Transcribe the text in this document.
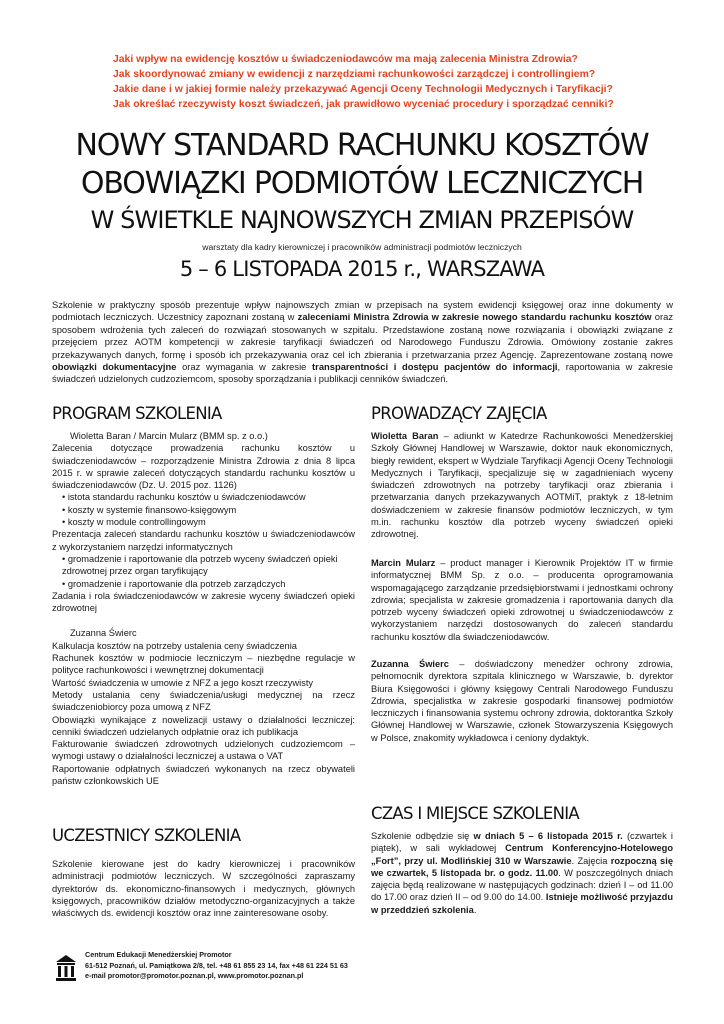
Jaki wpływ na ewidencję kosztów u świadczeniodawców ma mają zalecenia Ministra Zdrowia?
Jak skoordynować zmiany w ewidencji z narzędziami rachunkowości zarządczej i controllingiem?
Jakie dane i w jakiej formie należy przekazywać Agencji Oceny Technologii Medycznych i Taryfikacji?
Jak określać rzeczywisty koszt świadczeń, jak prawidłowo wyceniać procedury i sporządzać cenniki?
NOWY STANDARD RACHUNKU KOSZTÓW
OBOWIĄZKI PODMIOTÓW LECZNICZYCH
W ŚWIETKLE NAJNOWSZYCH ZMIAN PRZEPISÓW
warsztaty dla kadry kierowniczej i pracowników administracji podmiotów leczniczych
5 – 6 LISTOPADA 2015 r., WARSZAWA
Szkolenie w praktyczny sposób prezentuje wpływ najnowszych zmian w przepisach na system ewidencji księgowej oraz inne dokumenty w podmiotach leczniczych. Uczestnicy zapoznani zostaną w zaleceniami Ministra Zdrowia w zakresie nowego standardu rachunku kosztów oraz sposobem wdrożenia tych zaleceń do rozwiązań stosowanych w szpitalu. Przedstawione zostaną nowe rozwiązania i obowiązki związane z przejęciem przez AOTM kompetencji w zakresie taryfikacji świadczeń od Narodowego Funduszu Zdrowia. Omówiony zostanie zakres przekazywanych danych, formę i sposób ich przekazywania oraz cel ich zbierania i przetwarzania przez Agencję. Zaprezentowane zostaną nowe obowiązki dokumentacyjne oraz wymagania w zakresie transparentności i dostępu pacjentów do informacji, raportowania w zakresie świadczeń udzielonych cudzoziemcom, sposoby sporządzania i publikacji cenników świadczeń.
PROGRAM SZKOLENIA
Wioletta Baran / Marcin Mularz (BMM sp. z o.o.)
Zalecenia dotyczące prowadzenia rachunku kosztów u świadczeniodawców – rozporządzenie Ministra Zdrowia z dnia 8 lipca 2015 r. w sprawie zaleceń dotyczących standardu rachunku kosztów u świadczeniodawców (Dz. U. 2015 poz. 1126)
• istota standardu rachunku kosztów u świadczeniodawców
• koszty w systemie finansowo-księgowym
• koszty w module controllingowym
Prezentacja zaleceń standardu rachunku kosztów u świadczeniodawców z wykorzystaniem narzędzi informatycznych
• gromadzenie i raportowanie dla potrzeb wyceny świadczeń opieki zdrowotnej przez organ taryfikujący
• gromadzenie i raportowanie dla potrzeb zarządczych
Zadania i rola świadczeniodawców w zakresie wyceny świadczeń opieki zdrowotnej
Zuzanna Świerc
Kalkulacja kosztów na potrzeby ustalenia ceny świadczenia
Rachunek kosztów w podmiocie leczniczym – niezbędne regulacje w polityce rachunkowości i wewnętrznej dokumentacji
Wartość świadczenia w umowie z NFZ a jego koszt rzeczywisty
Metody ustalania ceny świadczenia/usługi medycznej na rzecz świadczeniobiorcy poza umową z NFZ
Obowiązki wynikające z nowelizacji ustawy o działalności leczniczej: cenniki świadczeń udzielanych odpłatnie oraz ich publikacja
Fakturowanie świadczeń zdrowotnych udzielonych cudzoziemcom – wymogi ustawy o działalności leczniczej a ustawa o VAT
Raportowanie odpłatnych świadczeń wykonanych na rzecz obywateli państw członkowskich UE
UCZESTNICY SZKOLENIA
Szkolenie kierowane jest do kadry kierowniczej i pracowników administracji podmiotów leczniczych. W szczególności zapraszamy dyrektorów ds. ekonomiczno-finansowych i medycznych, głównych księgowych, pracowników działów metodyczno-organizacyjnych a także właściwych ds. ewidencji kosztów oraz inne zainteresowane osoby.
PROWADZĄCY ZAJĘCIA
Wioletta Baran – adiunkt w Katedrze Rachunkowości Menedżerskiej Szkoły Głównej Handlowej w Warszawie, doktor nauk ekonomicznych, biegły rewident, ekspert w Wydziale Taryfikacji Agencji Oceny Technologii Medycznych i Taryfikacji, specjalizuje się w zagadnieniach wyceny świadczeń zdrowotnych na potrzeby taryfikacji oraz zbierania i przetwarzania danych przekazywanych AOTMiT, praktyk z 18-letnim doświadczeniem w zakresie finansów podmiotów leczniczych, w tym m.in. rachunku kosztów dla potrzeb wyceny świadczeń opieki zdrowotnej.
Marcin Mularz – product manager i Kierownik Projektów IT w firmie informatycznej BMM Sp. z o.o. – producenta oprogramowania wspomagającego zarządzanie przedsiębiorstwami i jednostkami ochrony zdrowia; specjalista w zakresie gromadzenia i raportowania danych dla potrzeb wyceny świadczeń opieki zdrowotnej u świadczeniodawców z wykorzystaniem narzędzi dostosowanych do zaleceń standardu rachunku kosztów dla świadczeniodawców.
Zuzanna Świerc – doświadczony menedżer ochrony zdrowia, pełnomocnik dyrektora szpitala klinicznego w Warszawie, b. dyrektor Biura Księgowości i główny księgowy Centrali Narodowego Funduszu Zdrowia, specjalistka w zakresie gospodarki finansowej podmiotów leczniczych i finansowania systemu ochrony zdrowia, doktorantka Szkoły Głównej Handlowej w Warszawie, członek Stowarzyszenia Księgowych w Polsce, znakomity wykładowca i ceniony dydaktyk.
CZAS I MIEJSCE SZKOLENIA
Szkolenie odbędzie się w dniach 5 – 6 listopada 2015 r. (czwartek i piątek), w sali wykładowej Centrum Konferencyjno-Hotelowego „Fort”, przy ul. Modlińskiej 310 w Warszawie. Zajęcia rozpoczną się we czwartek, 5 listopada br. o godz. 11.00. W poszczególnych dniach zajęcia będą realizowane w następujących godzinach: dzień I – od 11.00 do 17.00 oraz dzień II – od 9.00 do 14.00. Istnieje możliwość przyjazdu w przeddzień szkolenia.
Centrum Edukacji Menedżerskiej Promotor
61-512 Poznań, ul. Pamiątkowa 2/8, tel. +48 61 855 23 14, fax +48 61 224 51 63
e-mail promotor@promotor.poznan.pl, www.promotor.poznan.pl
